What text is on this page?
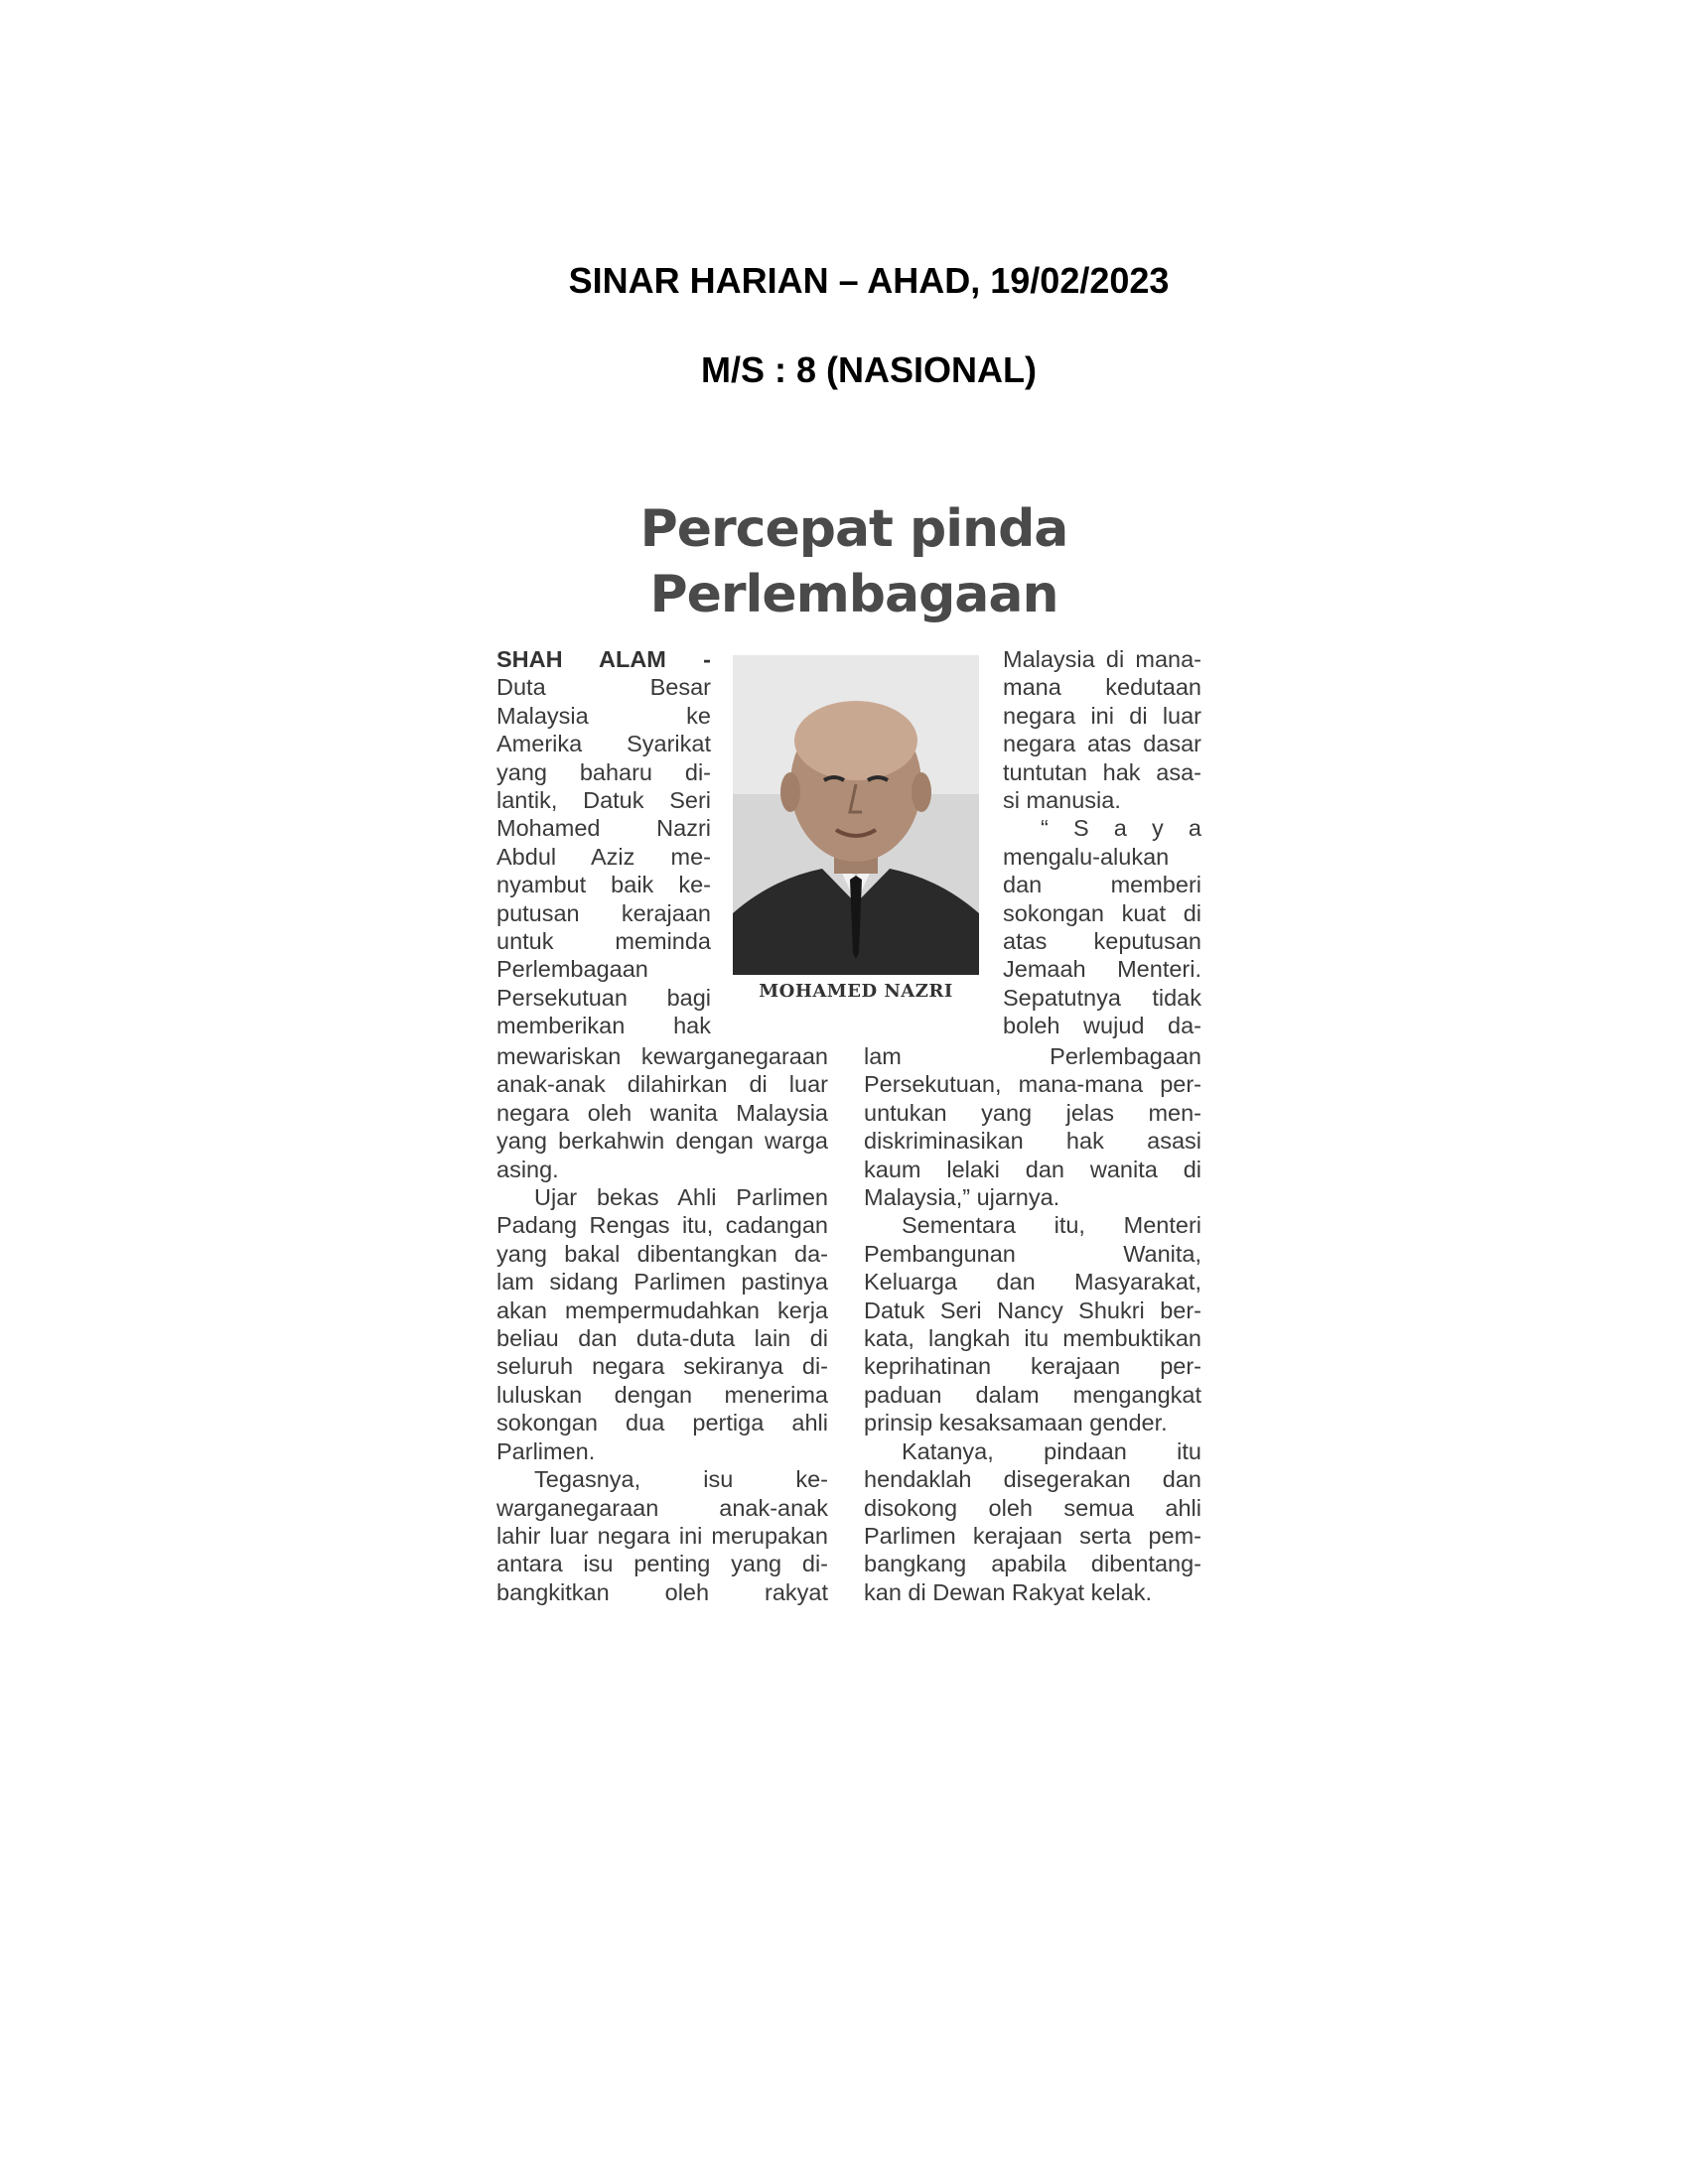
SINAR HARIAN – AHAD, 19/02/2023
M/S : 8 (NASIONAL)
Percepat pinda
Perlembagaan

SHAH ALAM -

Duta Besar

Malaysia ke

Amerika Syarikat

yang baharu di-

lantik, Datuk Seri

Mohamed Nazri

Abdul Aziz me-

nyambut baik ke-

putusan kerajaan

untuk meminda

Perlembagaan

Persekutuan bagi

memberikan hak

mewariskan kewarganegaraan

anak-anak dilahirkan di luar

negara oleh wanita Malaysia

yang berkahwin dengan warga

asing.

Ujar bekas Ahli Parlimen

Padang Rengas itu, cadangan

yang bakal dibentangkan da-

lam sidang Parlimen pastinya

akan mempermudahkan kerja

beliau dan duta-duta lain di

seluruh negara sekiranya di-

luluskan dengan menerima

sokongan dua pertiga ahli

Parlimen.

Tegasnya, isu ke-

warganegaraan anak-anak

lahir luar negara ini merupakan

antara isu penting yang di-

bangkitkan oleh rakyat

MOHAMED NAZRI

Malaysia di mana-

mana kedutaan

negara ini di luar

negara atas dasar

tuntutan hak asa-

si manusia.

“ S a y a

mengalu-alukan

dan memberi

sokongan kuat di

atas keputusan

Jemaah Menteri.

Sepatutnya tidak

boleh wujud da-

lam Perlembagaan

Persekutuan, mana-mana per-

untukan yang jelas men-

diskriminasikan hak asasi

kaum lelaki dan wanita di

Malaysia,” ujarnya.

Sementara itu, Menteri

Pembangunan Wanita,

Keluarga dan Masyarakat,

Datuk Seri Nancy Shukri ber-

kata, langkah itu membuktikan

keprihatinan kerajaan per-

paduan dalam mengangkat

prinsip kesaksamaan gender.

Katanya, pindaan itu

hendaklah disegerakan dan

disokong oleh semua ahli

Parlimen kerajaan serta pem-

bangkang apabila dibentang-

kan di Dewan Rakyat kelak.
